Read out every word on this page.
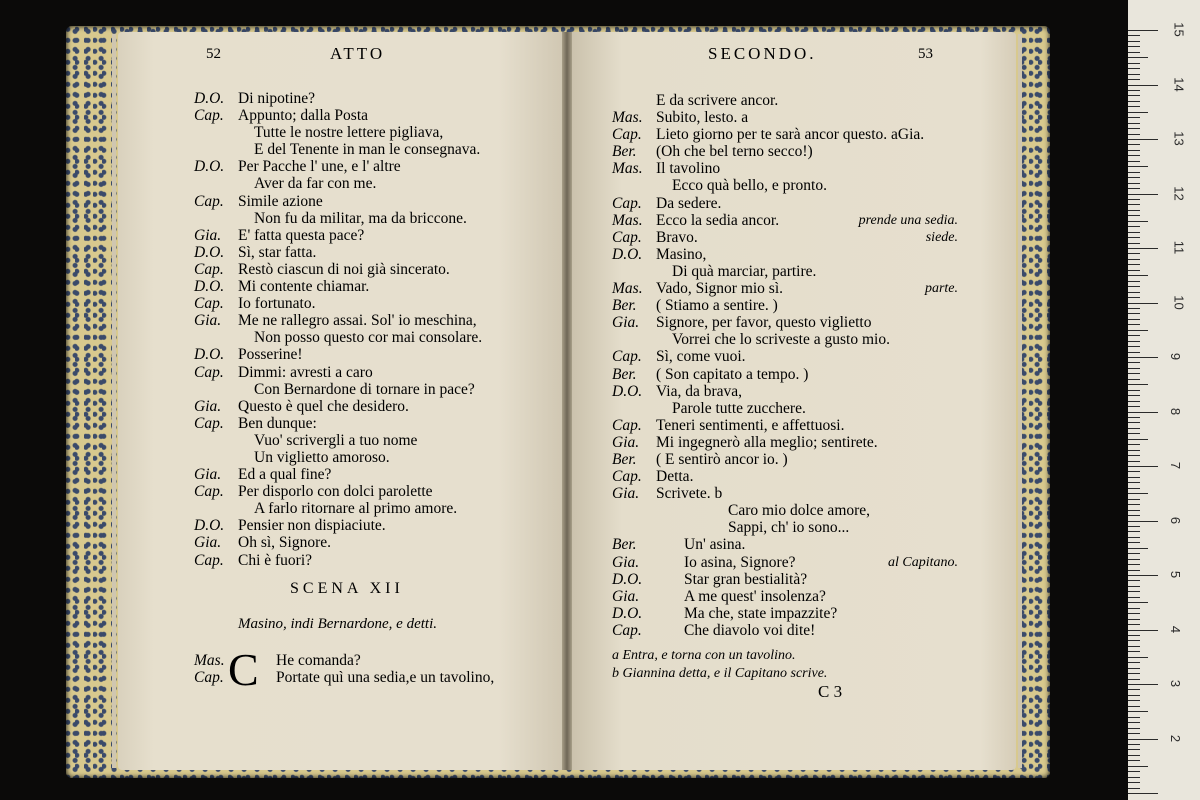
52	ATTO	SECONDO.	53
D.O. Di nipotine?
Cap. Appunto; dalla Posta
Tutte le nostre lettere pigliava,
E del Tenente in man le consegnava.
D.O. Per Pacche l' une, e l' altre
Aver da far con me.
Cap. Simile azione
Non fu da militar, ma da briccone.
Gia.	E' fatta questa pace?
D.O. Sì, star fatta.
Cap. Restò ciascun di noi già sincerato.
D.O. Mi contente chiamar.
Cap. Io fortunato.
Gia.	Me ne rallegro assai. Sol' io meschina,
Non posso questo cor mai consolare.
D.O. Posserine!
Cap. Dimmi: avresti a caro
Con Bernardone di tornare in pace?
Gia.	Questo è quel che desidero.
Cap. Ben dunque:
Vuo' scrivergli a tuo nome
Un viglietto amoroso.
Gia.	Ed a qual fine?
Cap. Per disporlo con dolci parolette
A farlo ritornare al primo amore.
D.O. Pensier non dispiaciute.
Gia.	Oh sì, Signore.
Cap. Chi è fuori?
SCENA XII
Masino, indi Bernardone, e detti.
C
Mas.	He comanda?
Cap.	Portate quì una sedia,e un tavolino,
E da scrivere ancor.
Mas. Subito, lesto. a
Cap. Lieto giorno per te sarà ancor questo. aGia.
Ber.	(Oh che bel terno secco!)
Mas. Il tavolino
Ecco quà bello, e pronto.
Cap. Da sedere.
Mas. Ecco la sedia ancor.	prende una sedia.
Cap. Bravo.	siede.
D.O. Masino,
Di quà marciar, partire.
Mas. Vado, Signor mio sì.	parte.
Ber.	( Stiamo a sentire. )
Gia.	Signore, per favor, questo viglietto
Vorrei che lo scriveste a gusto mio.
Cap. Sì, come vuoi.
Ber.	( Son capitato a tempo. )
D.O. Via, da brava,
Parole tutte zucchere.
Cap. Teneri sentimenti, e affettuosi.
Gia.	Mi ingegnerò alla meglio; sentirete.
Ber.	( E sentirò ancor io. )
Cap. Detta.
Gia.	Scrivete. b
Caro mio dolce amore,
Sappi, ch' io sono...
Ber.	Un' asina.
Gia.	Io asina, Signore?	al Capitano.
D.O.	Star gran bestialità?
Gia.	A me quest' insolenza?
D.O.	Ma che, state impazzite?
Cap.	Che diavolo voi dite!
a Entra, e torna con un tavolino.
b Giannina detta, e il Capitano scrive.
C 3
15
14
13
12
11
10
9
8
7
6
5
4
3
2
